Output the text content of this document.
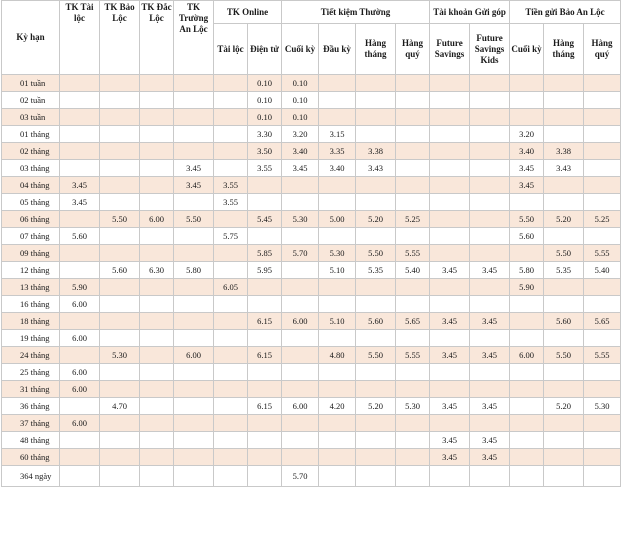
Kỳ hạn	TK Tài lộc	TK Bảo Lộc	TK Đắc Lộc	TK Trường An Lộc	TK Online		Tiết kiệm Thường				Tài khoản Gửi góp		Tiền gửi Bảo An Lộc		
					Tài lộc	Điện tử	Cuối kỳ	Đầu kỳ	Hàng tháng	Hàng quý	Future Savings	Future Savings Kids	Cuối kỳ	Hàng tháng	Hàng quý
01 tuần						0.10	0.10								
02 tuần						0.10	0.10								
03 tuần						0.10	0.10								
01 tháng						3.30	3.20	3.15					3.20		
02 tháng						3.50	3.40	3.35	3.38				3.40	3.38	
03 tháng				3.45		3.55	3.45	3.40	3.43				3.45	3.43	
04 tháng	3.45			3.45	3.55								3.45		
05 tháng	3.45				3.55										
06 tháng		5.50	6.00	5.50		5.45	5.30	5.00	5.20	5.25			5.50	5.20	5.25
07 tháng	5.60				5.75								5.60		
09 tháng						5.85	5.70	5.30	5.50	5.55				5.50	5.55
12 tháng		5.60	6.30	5.80		5.95		5.10	5.35	5.40	3.45	3.45	5.80	5.35	5.40
13 tháng	5.90				6.05								5.90		
16 tháng	6.00														
18 tháng						6.15	6.00	5.10	5.60	5.65	3.45	3.45		5.60	5.65
19 tháng	6.00														
24 tháng		5.30		6.00		6.15		4.80	5.50	5.55	3.45	3.45	6.00	5.50	5.55
25 tháng	6.00														
31 tháng	6.00														
36 tháng		4.70				6.15	6.00	4.20	5.20	5.30	3.45	3.45		5.20	5.30
37 tháng	6.00														
48 tháng											3.45	3.45			
60 tháng											3.45	3.45			
364 ngày							5.70								
